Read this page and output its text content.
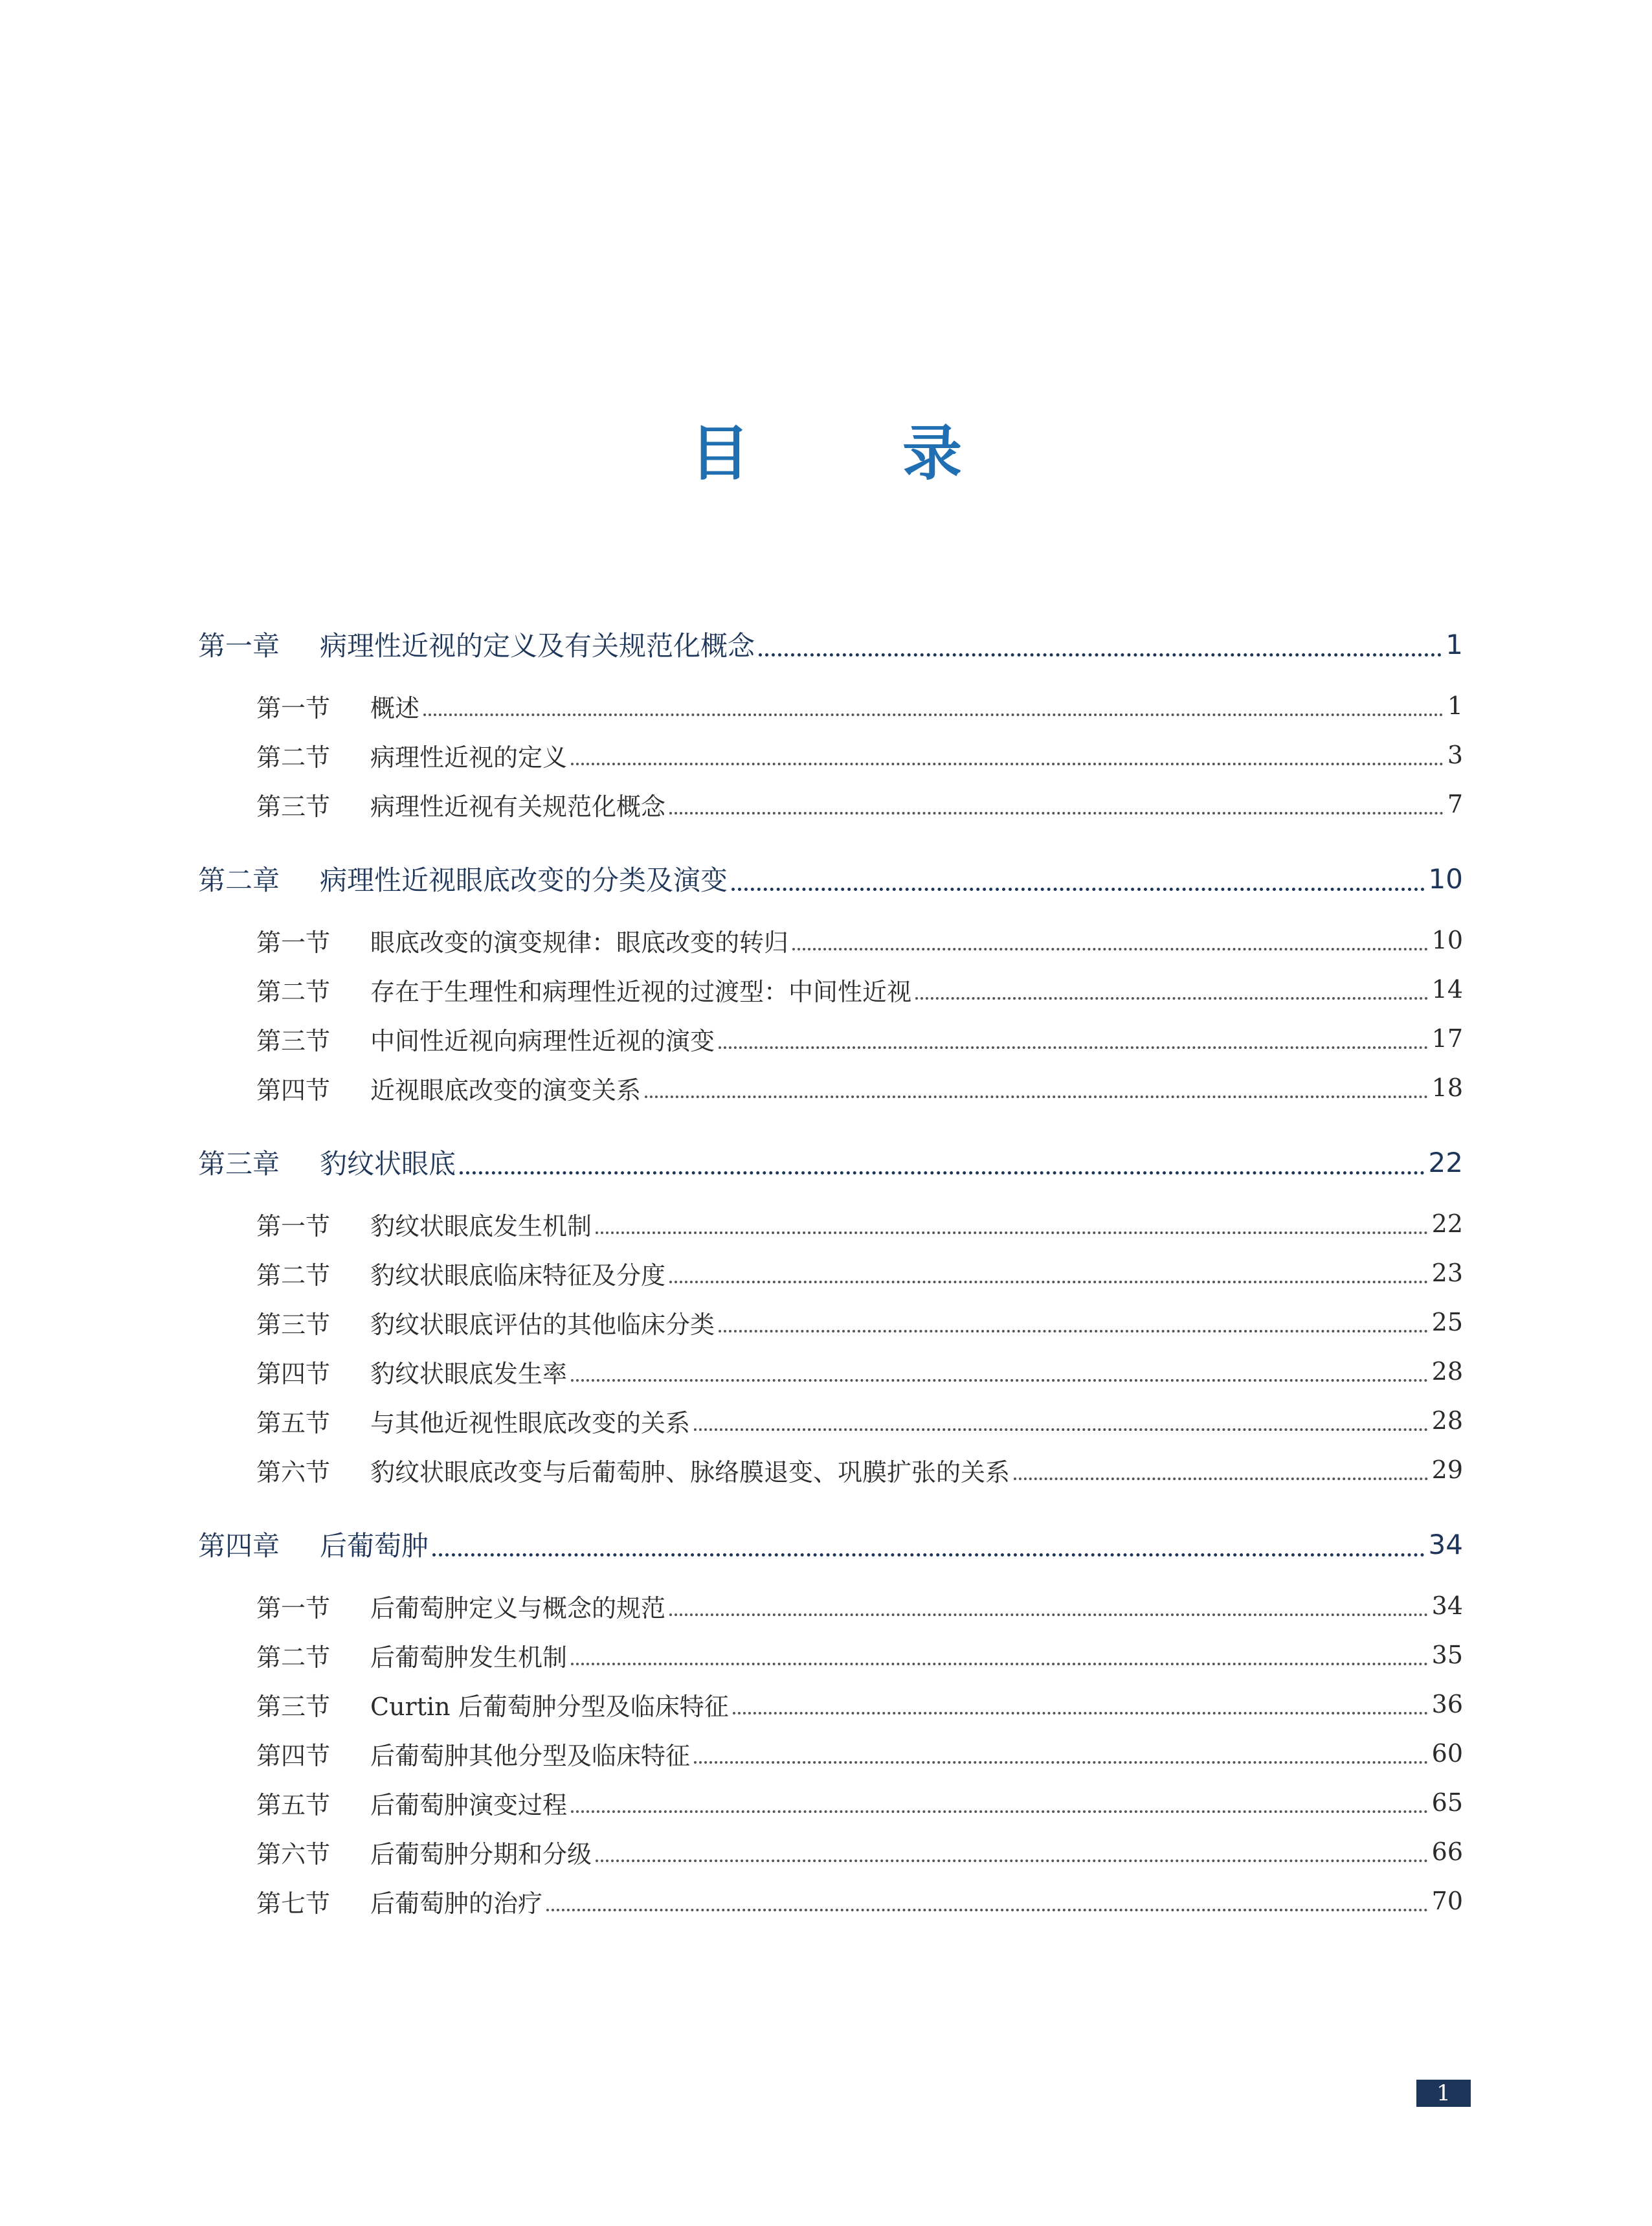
目　录
第一章	病理性近视的定义及有关规范化概念	1
第一节	概述	1
第二节	病理性近视的定义	3
第三节	病理性近视有关规范化概念	7
第二章	病理性近视眼底改变的分类及演变	10
第一节	眼底改变的演变规律：眼底改变的转归	10
第二节	存在于生理性和病理性近视的过渡型：中间性近视	14
第三节	中间性近视向病理性近视的演变	17
第四节	近视眼底改变的演变关系	18
第三章	豹纹状眼底	22
第一节	豹纹状眼底发生机制	22
第二节	豹纹状眼底临床特征及分度	23
第三节	豹纹状眼底评估的其他临床分类	25
第四节	豹纹状眼底发生率	28
第五节	与其他近视性眼底改变的关系	28
第六节	豹纹状眼底改变与后葡萄肿、脉络膜退变、巩膜扩张的关系	29
第四章	后葡萄肿	34
第一节	后葡萄肿定义与概念的规范	34
第二节	后葡萄肿发生机制	35
第三节	Curtin 后葡萄肿分型及临床特征	36
第四节	后葡萄肿其他分型及临床特征	60
第五节	后葡萄肿演变过程	65
第六节	后葡萄肿分期和分级	66
第七节	后葡萄肿的治疗	70
1
